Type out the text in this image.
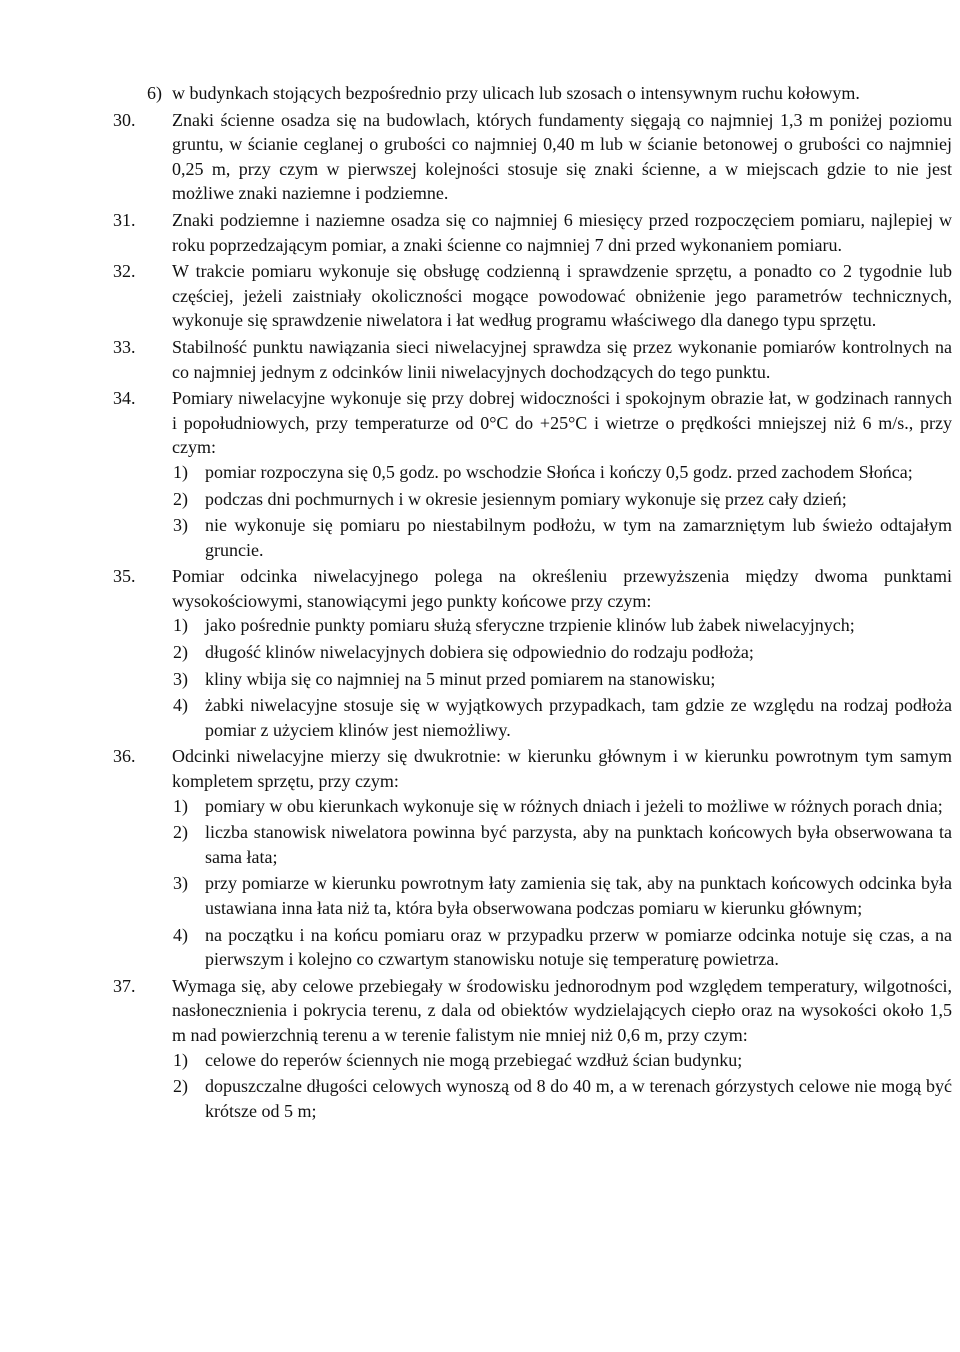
6) w budynkach stojących bezpośrednio przy ulicach lub szosach o intensywnym ruchu kołowym.
30. Znaki ścienne osadza się na budowlach, których fundamenty sięgają co najmniej 1,3 m poniżej poziomu gruntu, w ścianie ceglanej o grubości co najmniej 0,40 m lub w ścianie betonowej o grubości co najmniej 0,25 m, przy czym w pierwszej kolejności stosuje się znaki ścienne, a w miejscach gdzie to nie jest możliwe znaki naziemne i podziemne.
31. Znaki podziemne i naziemne osadza się co najmniej 6 miesięcy przed rozpoczęciem pomiaru, najlepiej w roku poprzedzającym pomiar, a znaki ścienne co najmniej 7 dni przed wykonaniem pomiaru.
32. W trakcie pomiaru wykonuje się obsługę codzienną i sprawdzenie sprzętu, a ponadto co 2 tygodnie lub częściej, jeżeli zaistniały okoliczności mogące powodować obniżenie jego parametrów technicznych, wykonuje się sprawdzenie niwelatora i łat według programu właściwego dla danego typu sprzętu.
33. Stabilność punktu nawiązania sieci niwelacyjnej sprawdza się przez wykonanie pomiarów kontrolnych na co najmniej jednym z odcinków linii niwelacyjnych dochodzących do tego punktu.
34. Pomiary niwelacyjne wykonuje się przy dobrej widoczności i spokojnym obrazie łat, w godzinach rannych i popołudniowych, przy temperaturze od 0°C do +25°C i wietrze o prędkości mniejszej niż 6 m/s., przy czym:
1) pomiar rozpoczyna się 0,5 godz. po wschodzie Słońca i kończy 0,5 godz. przed zachodem Słońca;
2) podczas dni pochmurnych i w okresie jesiennym pomiary wykonuje się przez cały dzień;
3) nie wykonuje się pomiaru po niestabilnym podłożu, w tym na zamarzniętym lub świeżo odtajałym gruncie.
35. Pomiar odcinka niwelacyjnego polega na określeniu przewyższenia między dwoma punktami wysokościowymi, stanowiącymi jego punkty końcowe przy czym:
1) jako pośrednie punkty pomiaru służą sferyczne trzpienie klinów lub żabek niwelacyjnych;
2) długość klinów niwelacyjnych dobiera się odpowiednio do rodzaju podłoża;
3) kliny wbija się co najmniej na 5 minut przed pomiarem na stanowisku;
4) żabki niwelacyjne stosuje się w wyjątkowych przypadkach, tam gdzie ze względu na rodzaj podłoża pomiar z użyciem klinów jest niemożliwy.
36. Odcinki niwelacyjne mierzy się dwukrotnie: w kierunku głównym i w kierunku powrotnym tym samym kompletem sprzętu, przy czym:
1) pomiary w obu kierunkach wykonuje się w różnych dniach i jeżeli to możliwe w różnych porach dnia;
2) liczba stanowisk niwelatora powinna być parzysta, aby na punktach końcowych była obserwowana ta sama łata;
3) przy pomiarze w kierunku powrotnym łaty zamienia się tak, aby na punktach końcowych odcinka była ustawiana inna łata niż ta, która była obserwowana podczas pomiaru w kierunku głównym;
4) na początku i na końcu pomiaru oraz w przypadku przerw w pomiarze odcinka notuje się czas, a na pierwszym i kolejno co czwartym stanowisku notuje się temperaturę powietrza.
37. Wymaga się, aby celowe przebiegały w środowisku jednorodnym pod względem temperatury, wilgotności, nasłonecznienia i pokrycia terenu, z dala od obiektów wydzielających ciepło oraz na wysokości około 1,5 m nad powierzchnią terenu a w terenie falistym nie mniej niż 0,6 m, przy czym:
1) celowe do reperów ściennych nie mogą przebiegać wzdłuż ścian budynku;
2) dopuszczalne długości celowych wynoszą od 8 do 40 m, a w terenach górzystych celowe nie mogą być krótsze od 5 m;
